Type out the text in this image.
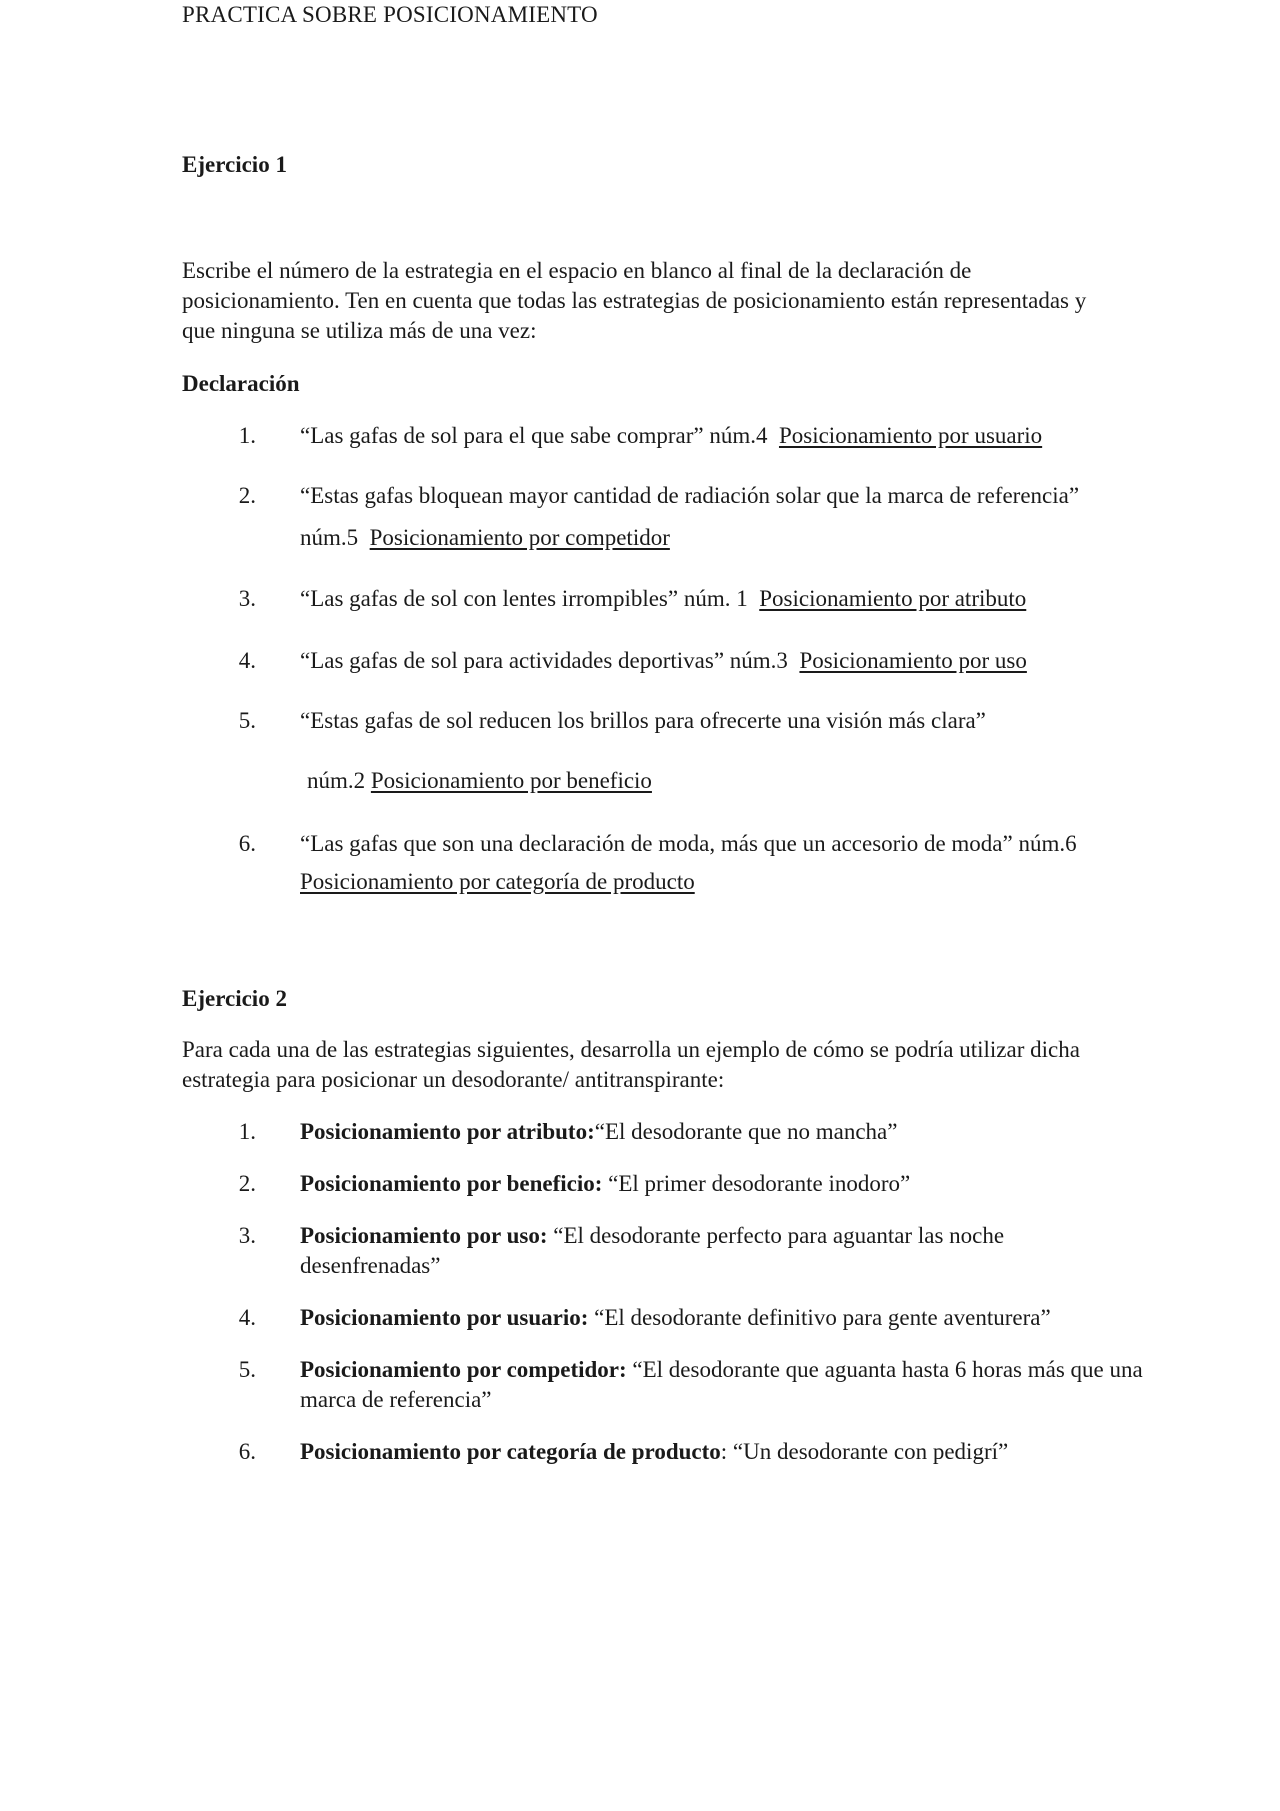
PRACTICA SOBRE POSICIONAMIENTO
Ejercicio 1
Escribe el número de la estrategia en el espacio en blanco al final de la declaración de posicionamiento. Ten en cuenta que todas las estrategias de posicionamiento están representadas y que ninguna se utiliza más de una vez:
Declaración
1. “Las gafas de sol para el que sabe comprar” núm.4 Posicionamiento por usuario
2. “Estas gafas bloquean mayor cantidad de radiación solar que la marca de referencia”
núm.5 Posicionamiento por competidor
3. “Las gafas de sol con lentes irrompibles” núm. 1 Posicionamiento por atributo
4. “Las gafas de sol para actividades deportivas” núm.3 Posicionamiento por uso
5. “Estas gafas de sol reducen los brillos para ofrecerte una visión más clara”
núm.2 Posicionamiento por beneficio
6. “Las gafas que son una declaración de moda, más que un accesorio de moda” núm.6
Posicionamiento por categoría de producto
Ejercicio 2
Para cada una de las estrategias siguientes, desarrolla un ejemplo de cómo se podría utilizar dicha estrategia para posicionar un desodorante/ antitranspirante:
1. Posicionamiento por atributo:“El desodorante que no mancha”
2. Posicionamiento por beneficio: “El primer desodorante inodoro”
3. Posicionamiento por uso: “El desodorante perfecto para aguantar las noche desenfrenadas”
4. Posicionamiento por usuario: “El desodorante definitivo para gente aventurera”
5. Posicionamiento por competidor: “El desodorante que aguanta hasta 6 horas más que una marca de referencia”
6. Posicionamiento por categoría de producto: “Un desodorante con pedigrí”
